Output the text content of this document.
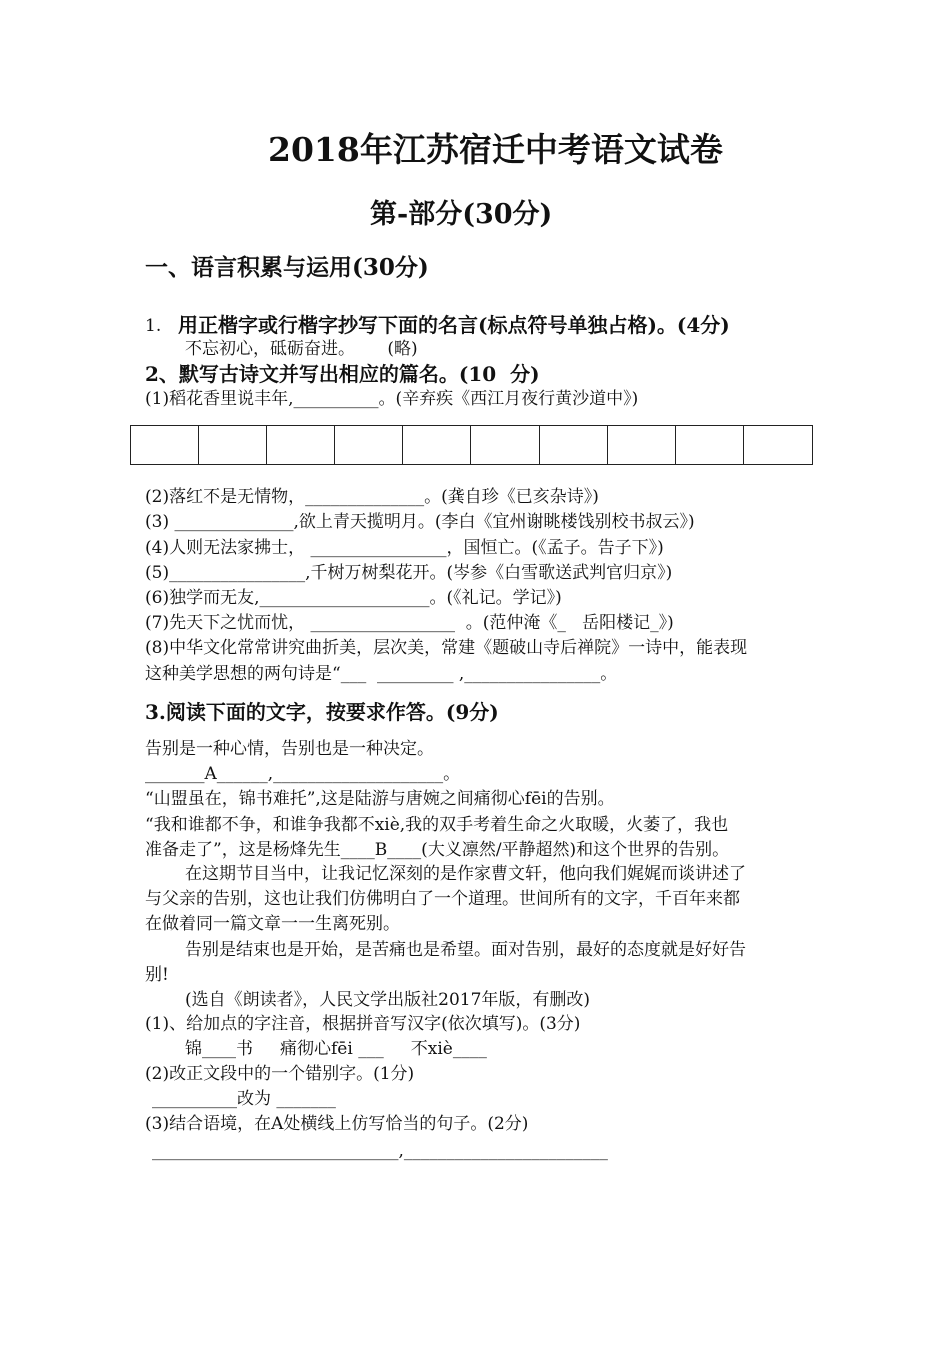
2018年江苏宿迁中考语文试卷
第-部分(30分)
一、语言积累与运用(30分)
1. 用正楷字或行楷字抄写下面的名言(标点符号单独占格)。(4分)
不忘初心，砥砺奋进。      (略)
2、默写古诗文并写出相应的篇名。(10  分)
(1)稻花香里说丰年,__________。(辛弃疾《西江月夜行黄沙道中》)
(2)落红不是无情物，______________。(龚自珍《已亥杂诗》)
(3) ______________,欲上青天揽明月。(李白《宜州谢眺楼饯别校书叔云》)
(4)人则无法家拂士， ________________，国恒亡。(《孟子。告子下》)
(5)________________,千树万树梨花开。(岑参《白雪歌送武判官归京》)
(6)独学而无友,____________________。(《礼记。学记》)
(7)先天下之忧而忧， _________________  。(范仲淹《_   岳阳楼记_》)
(8)中华文化常常讲究曲折美，层次美，常建《题破山寺后禅院》一诗中，能表现
这种美学思想的两句诗是“___  _________ ,________________。
3.阅读下面的文字，按要求作答。(9分)
告别是一种心情，告别也是一种决定。
_______A______,____________________。
“山盟虽在，锦书难托”,这是陆游与唐婉之间痛彻心fēi的告别。
“我和谁都不争，和谁争我都不xiè,我的双手考着生命之火取暖，火萎了，我也
准备走了”，这是杨烽先生____B____(大义凛然/平静超然)和这个世界的告别。
在这期节目当中，让我记忆深刻的是作家曹文轩，他向我们娓娓而谈讲述了
与父亲的告别，这也让我们仿佛明白了一个道理。世间所有的文字，千百年来都
在做着同一篇文章一一生离死别。
告别是结束也是开始，是苦痛也是希望。面对告别，最好的态度就是好好告
别!
(选自《朗读者》，人民文学出版社2017年版，有删改)
(1)、给加点的字注音，根据拼音写汉字(依次填写)。(3分)
锦____书     痛彻心fēi ___     不xiè____
(2)改正文段中的一个错别字。(1分)
__________改为 _______
(3)结合语境，在A处横线上仿写恰当的句子。(2分)
_____________________________,________________________
